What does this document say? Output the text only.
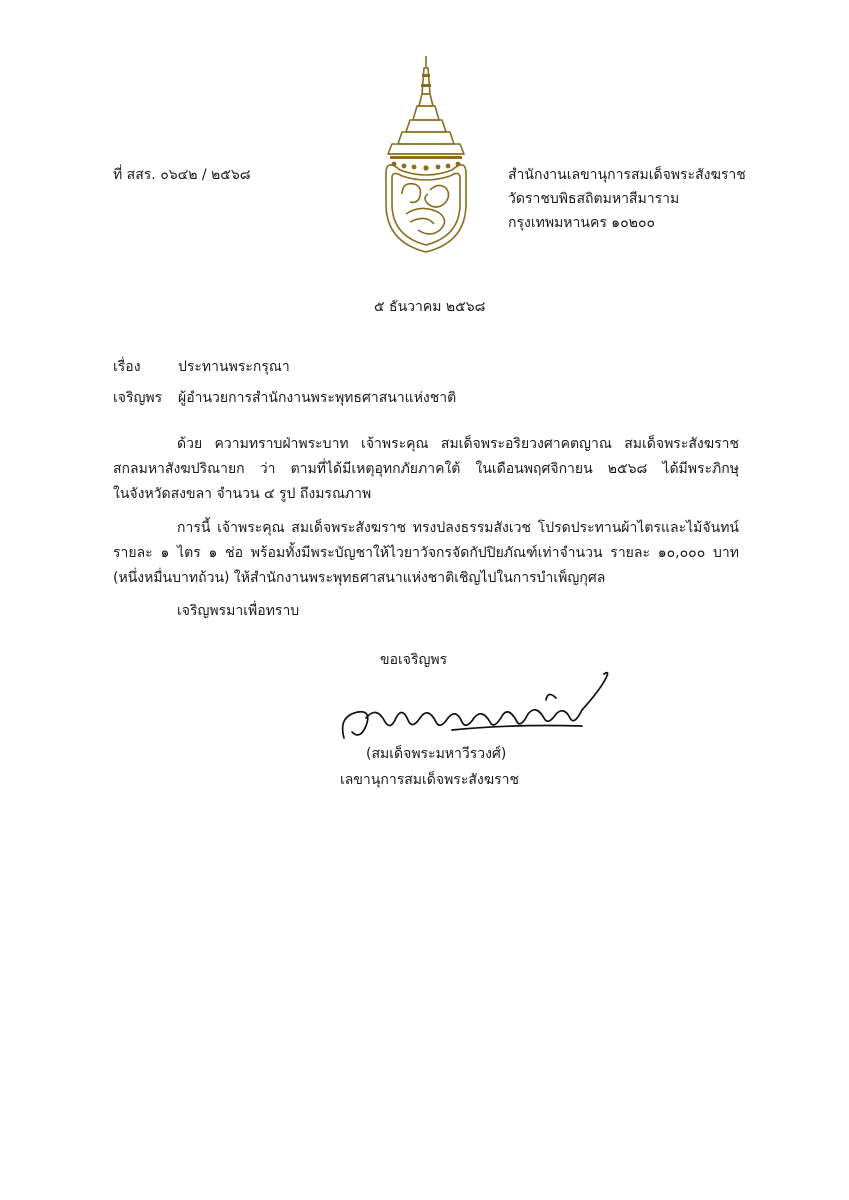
ที่ สสร. ๐๖๔๒ / ๒๕๖๘	สำนักงานเลขานุการสมเด็จพระสังฆราช
วัดราชบพิธสถิตมหาสีมาราม
กรุงเทพมหานคร ๑๐๒๐๐
๕ ธันวาคม ๒๕๖๘
เรื่อง	ประทานพระกรุณา
เจริญพร ผู้อำนวยการสำนักงานพระพุทธศาสนาแห่งชาติ
ด้วย ความทราบฝ่าพระบาท เจ้าพระคุณ สมเด็จพระอริยวงศาคตญาณ สมเด็จพระสังฆราช
สกลมหาสังฆปริณายก ว่า ตามที่ได้มีเหตุอุทกภัยภาคใต้ ในเดือนพฤศจิกายน ๒๕๖๘ ได้มีพระภิกษุ
ในจังหวัดสงขลา จำนวน ๔ รูป ถึงมรณภาพ
การนี้ เจ้าพระคุณ สมเด็จพระสังฆราช ทรงปลงธรรมสังเวช โปรดประทานผ้าไตรและไม้จันทน์
รายละ ๑ ไตร ๑ ช่อ พร้อมทั้งมีพระบัญชาให้ไวยาวัจกรจัดกัปปิยภัณฑ์เท่าจำนวน รายละ ๑๐,๐๐๐ บาท
(หนึ่งหมื่นบาทถ้วน) ให้สำนักงานพระพุทธศาสนาแห่งชาติเชิญไปในการบำเพ็ญกุศล
เจริญพรมาเพื่อทราบ
ขอเจริญพร
(สมเด็จพระมหาวีรวงศ์)
เลขานุการสมเด็จพระสังฆราช
